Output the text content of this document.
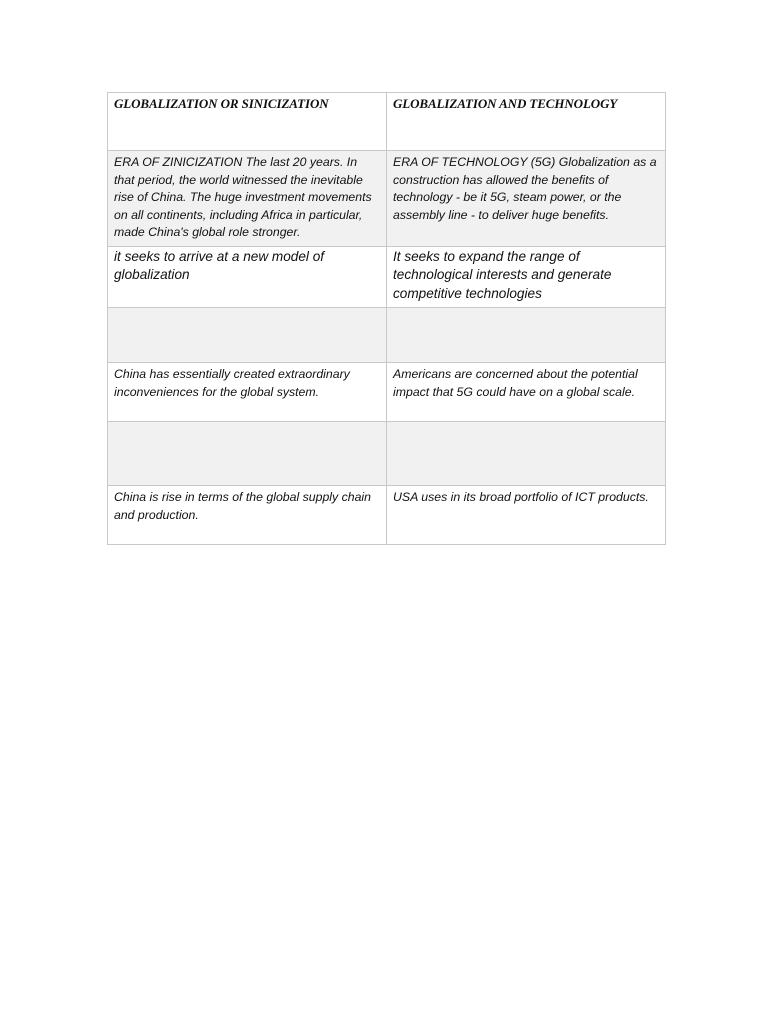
GLOBALIZATION OR SINICIZATION	GLOBALIZATION AND TECHNOLOGY
ERA OF ZINICIZATION The last 20 years. In that period, the world witnessed the inevitable rise of China. The huge investment movements on all continents, including Africa in particular, made China's global role stronger.	ERA OF TECHNOLOGY (5G) Globalization as a construction has allowed the benefits of technology - be it 5G, steam power, or the assembly line - to deliver huge benefits.
it seeks to arrive at a new model of globalization	It seeks to expand the range of technological interests and generate competitive technologies

China has essentially created extraordinary inconveniences for the global system.	Americans are concerned about the potential impact that 5G could have on a global scale.

China is rise in terms of the global supply chain and production.	USA uses in its broad portfolio of ICT products.
